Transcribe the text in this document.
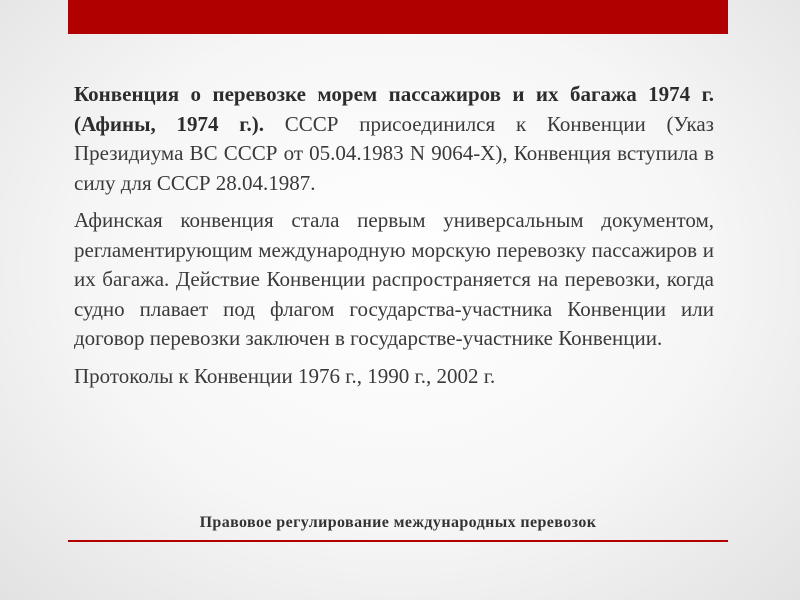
Конвенция о перевозке морем пассажиров и их багажа 1974 г. (Афины, 1974 г.). СССР присоединился к Конвенции (Указ Президиума ВС СССР от 05.04.1983 N 9064-Х), Конвенция вступила в силу для СССР 28.04.1987.

Афинская конвенция стала первым универсальным документом, регламентирующим международную морскую перевозку пассажиров и их багажа. Действие Конвенции распространяется на перевозки, когда судно плавает под флагом государства-участника Конвенции или договор перевозки заключен в государстве-участнике Конвенции.

Протоколы к Конвенции 1976 г., 1990 г., 2002 г.

Правовое регулирование международных перевозок
